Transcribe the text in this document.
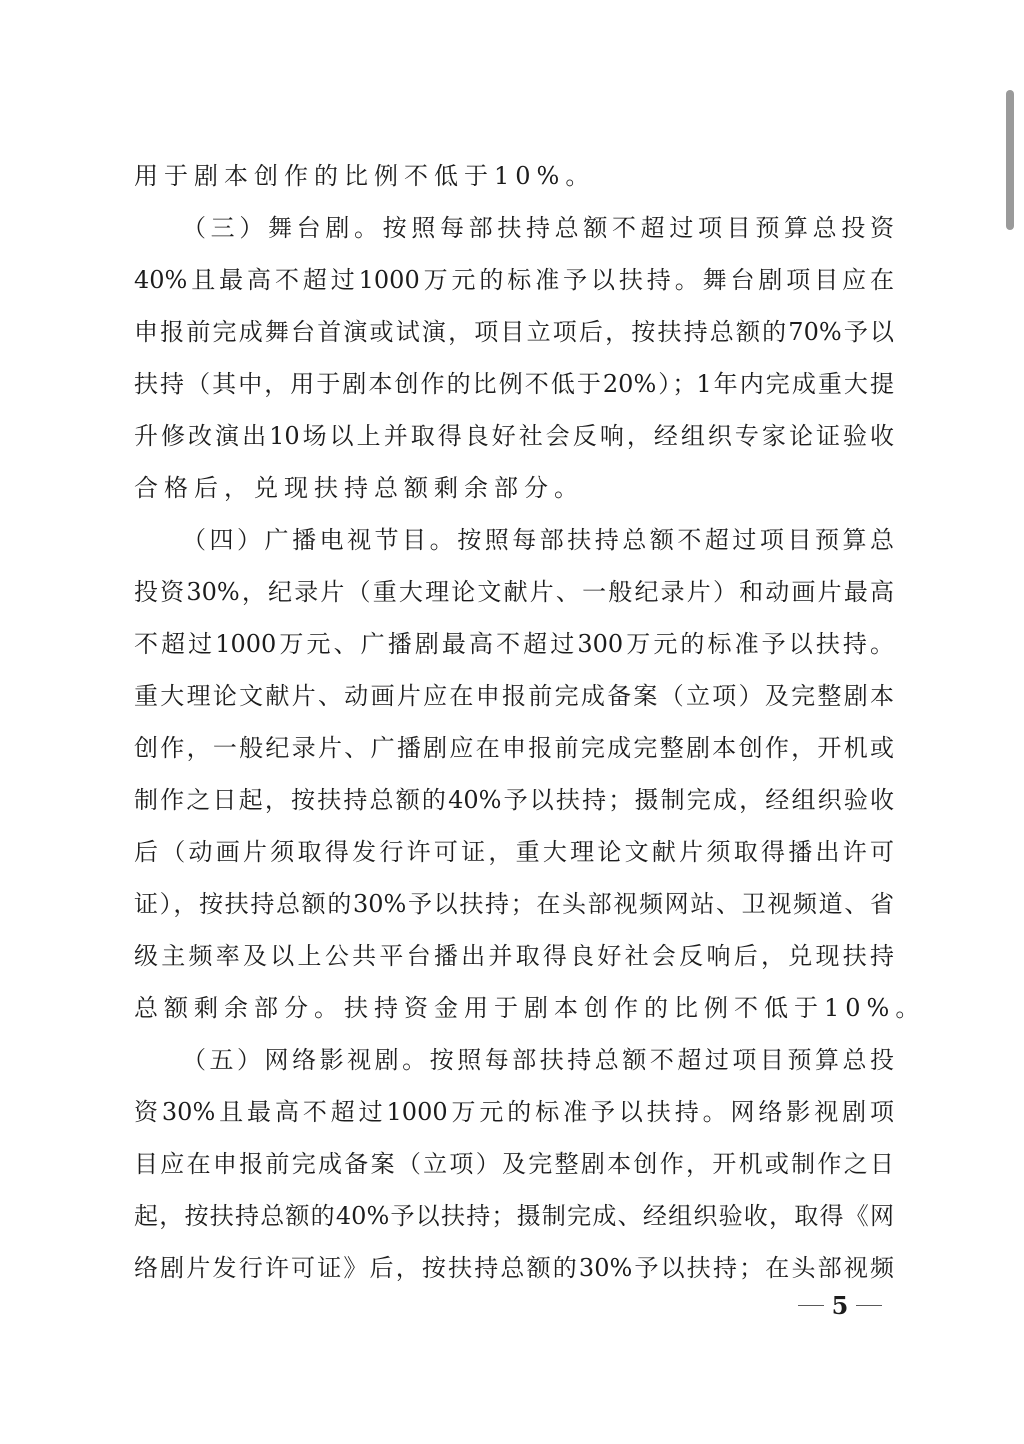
用于剧本创作的比例不低于10%。
（三）舞台剧。按照每部扶持总额不超过项目预算总投资
40%且最高不超过1000万元的标准予以扶持。舞台剧项目应在
申报前完成舞台首演或试演，项目立项后，按扶持总额的70%予以
扶持（其中，用于剧本创作的比例不低于20%）；1年内完成重大提
升修改演出10场以上并取得良好社会反响，经组织专家论证验收
合格后，兑现扶持总额剩余部分。
（四）广播电视节目。按照每部扶持总额不超过项目预算总
投资30%，纪录片（重大理论文献片、一般纪录片）和动画片最高
不超过1000万元、广播剧最高不超过300万元的标准予以扶持。
重大理论文献片、动画片应在申报前完成备案（立项）及完整剧本
创作，一般纪录片、广播剧应在申报前完成完整剧本创作，开机或
制作之日起，按扶持总额的40%予以扶持；摄制完成，经组织验收
后（动画片须取得发行许可证，重大理论文献片须取得播出许可
证），按扶持总额的30%予以扶持；在头部视频网站、卫视频道、省
级主频率及以上公共平台播出并取得良好社会反响后，兑现扶持
总额剩余部分。扶持资金用于剧本创作的比例不低于10%。
（五）网络影视剧。按照每部扶持总额不超过项目预算总投
资30%且最高不超过1000万元的标准予以扶持。网络影视剧项
目应在申报前完成备案（立项）及完整剧本创作，开机或制作之日
起，按扶持总额的40%予以扶持；摄制完成、经组织验收，取得《网
络剧片发行许可证》后，按扶持总额的30%予以扶持；在头部视频
5
